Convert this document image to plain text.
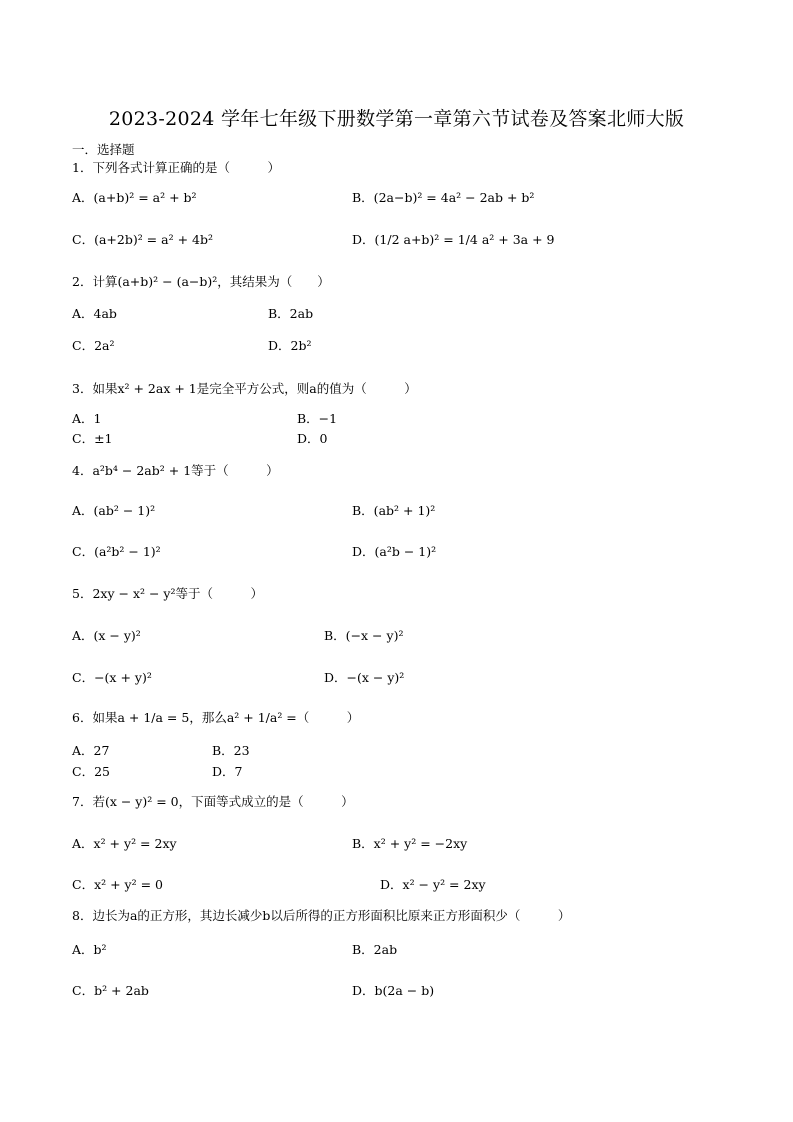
2023-2024 学年七年级下册数学第一章第六节试卷及答案北师大版
一．选择题
1．下列各式计算正确的是（　　　）
A．(a+b)² = a² + b²	B．(2a−b)² = 4a² − 2ab + b²
C．(a+2b)² = a² + 4b²	D．(1/2 a+b)² = 1/4 a² + 3a + 9
2．计算(a+b)² − (a−b)²，其结果为（　　）
A．4ab	B．2ab
C．2a²	D．2b²
3．如果x² + 2ax + 1是完全平方公式，则a的值为（　　　）
A．1	B．−1
C．±1	D．0
4．a²b⁴ − 2ab² + 1等于（　　　）
A．(ab² − 1)²	B．(ab² + 1)²
C．(a²b² − 1)²	D．(a²b − 1)²
5．2xy − x² − y²等于（　　　）
A．(x − y)²	B．(−x − y)²
C．−(x + y)²	D．−(x − y)²
6．如果a + 1/a = 5，那么a² + 1/a² =（　　　）
A．27	B．23
C．25	D．7
7．若(x − y)² = 0，下面等式成立的是（　　　）
A．x² + y² = 2xy	B．x² + y² = −2xy
C．x² + y² = 0	D．x² − y² = 2xy
8．边长为a的正方形，其边长减少b以后所得的正方形面积比原来正方形面积少（　　　）
A．b²	B．2ab
C．b² + 2ab	D．b(2a − b)
